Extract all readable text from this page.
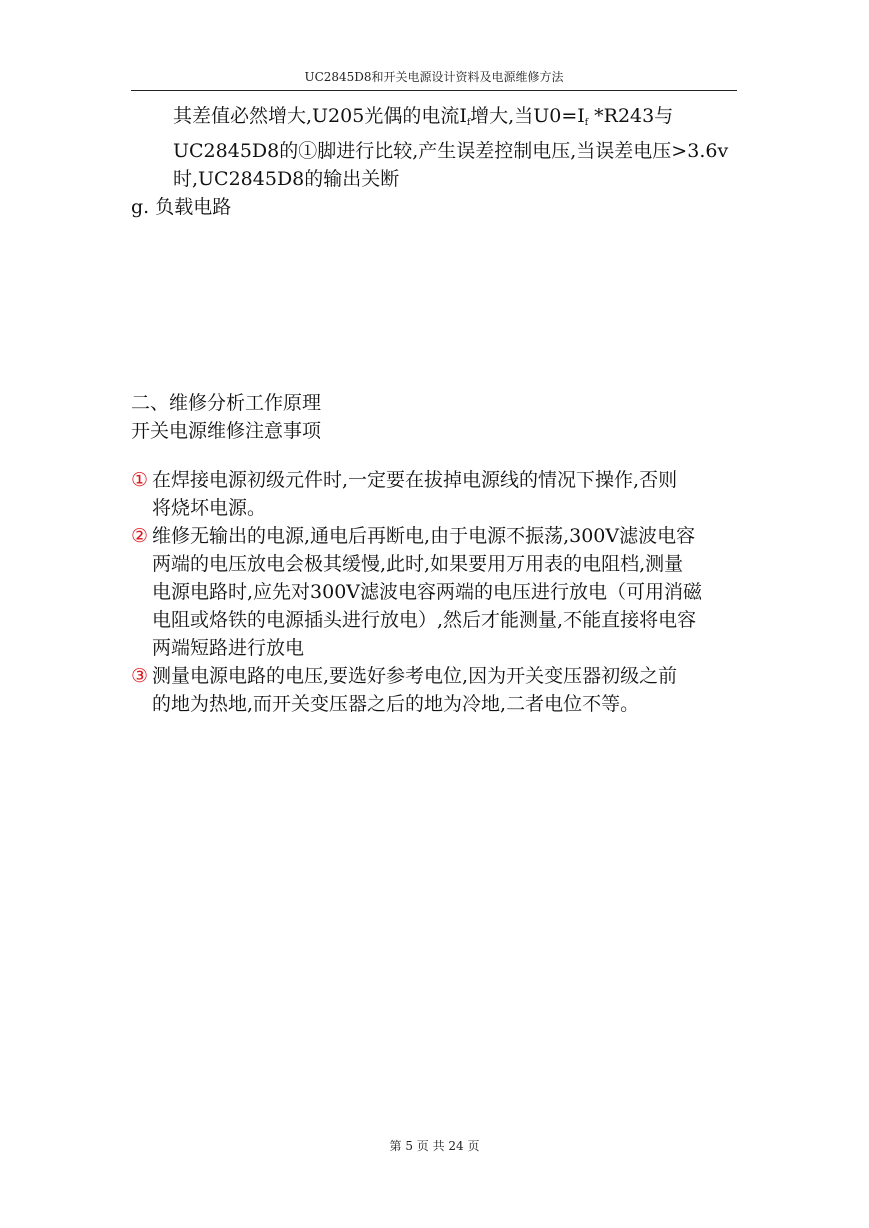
UC2845D8和开关电源设计资料及电源维修方法
其差值必然增大,U205光偶的电流$I_f$增大,当$U0=I_f$ *R243与
UC2845D8的①脚进行比较,产生误差控制电压,当误差电压>3.6v
时,UC2845D8的输出关断
g. 负载电路
二、维修分析工作原理
开关电源维修注意事项
① 在焊接电源初级元件时,一定要在拔掉电源线的情况下操作,否则
将烧坏电源。
② 维修无输出的电源,通电后再断电,由于电源不振荡,300V滤波电容
两端的电压放电会极其缓慢,此时,如果要用万用表的电阻档,测量
电源电路时,应先对300V滤波电容两端的电压进行放电（可用消磁
电阻或烙铁的电源插头进行放电）,然后才能测量,不能直接将电容
两端短路进行放电
③ 测量电源电路的电压,要选好参考电位,因为开关变压器初级之前
的地为热地,而开关变压器之后的地为冷地,二者电位不等。
第 5 页 共 24 页
